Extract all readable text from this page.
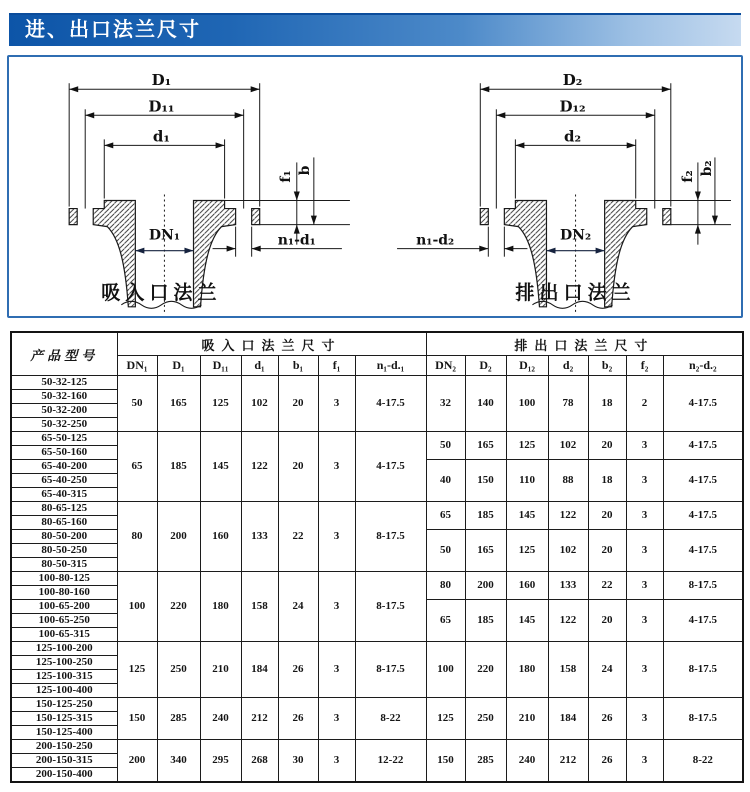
进、出口法兰尺寸
D₁
D₁₁
d₁
DN₁
f₁ b
n₁-d₁
吸入口法兰
D₂
D₁₂
d₂
DN₂
f₂
b₂
n₁-d₂
排出口法兰
产品型号	吸入口法兰尺寸							排出口法兰尺寸						
	DN₁	D₁	D₁₁	d₁	b₁	f₁	n₁-d.₁	DN₂	D₂	D₁₂	d₂	b₂	f₂	n₂-d.₂
50-32-125	50	165	125	102	20	3	4-17.5	32	140	100	78	18	2	4-17.5
50-32-160														
50-32-200														
50-32-250														
65-50-125	65	185	145	122	20	3	4-17.5	50	165	125	102	20	3	4-17.5
65-50-160														
65-40-200								40	150	110	88	18	3	4-17.5
65-40-250														
65-40-315														
80-65-125	80	200	160	133	22	3	8-17.5	65	185	145	122	20	3	4-17.5
80-65-160														
80-50-200								50	165	125	102	20	3	4-17.5
80-50-250														
80-50-315														
100-80-125	100	220	180	158	24	3	8-17.5	80	200	160	133	22	3	8-17.5
100-80-160														
100-65-200								65	185	145	122	20	3	4-17.5
100-65-250														
100-65-315														
125-100-200	125	250	210	184	26	3	8-17.5	100	220	180	158	24	3	8-17.5
125-100-250														
125-100-315														
125-100-400														
150-125-250	150	285	240	212	26	3	8-22	125	250	210	184	26	3	8-17.5
150-125-315														
150-125-400														
200-150-250	200	340	295	268	30	3	12-22	150	285	240	212	26	3	8-22
200-150-315														
200-150-400														
